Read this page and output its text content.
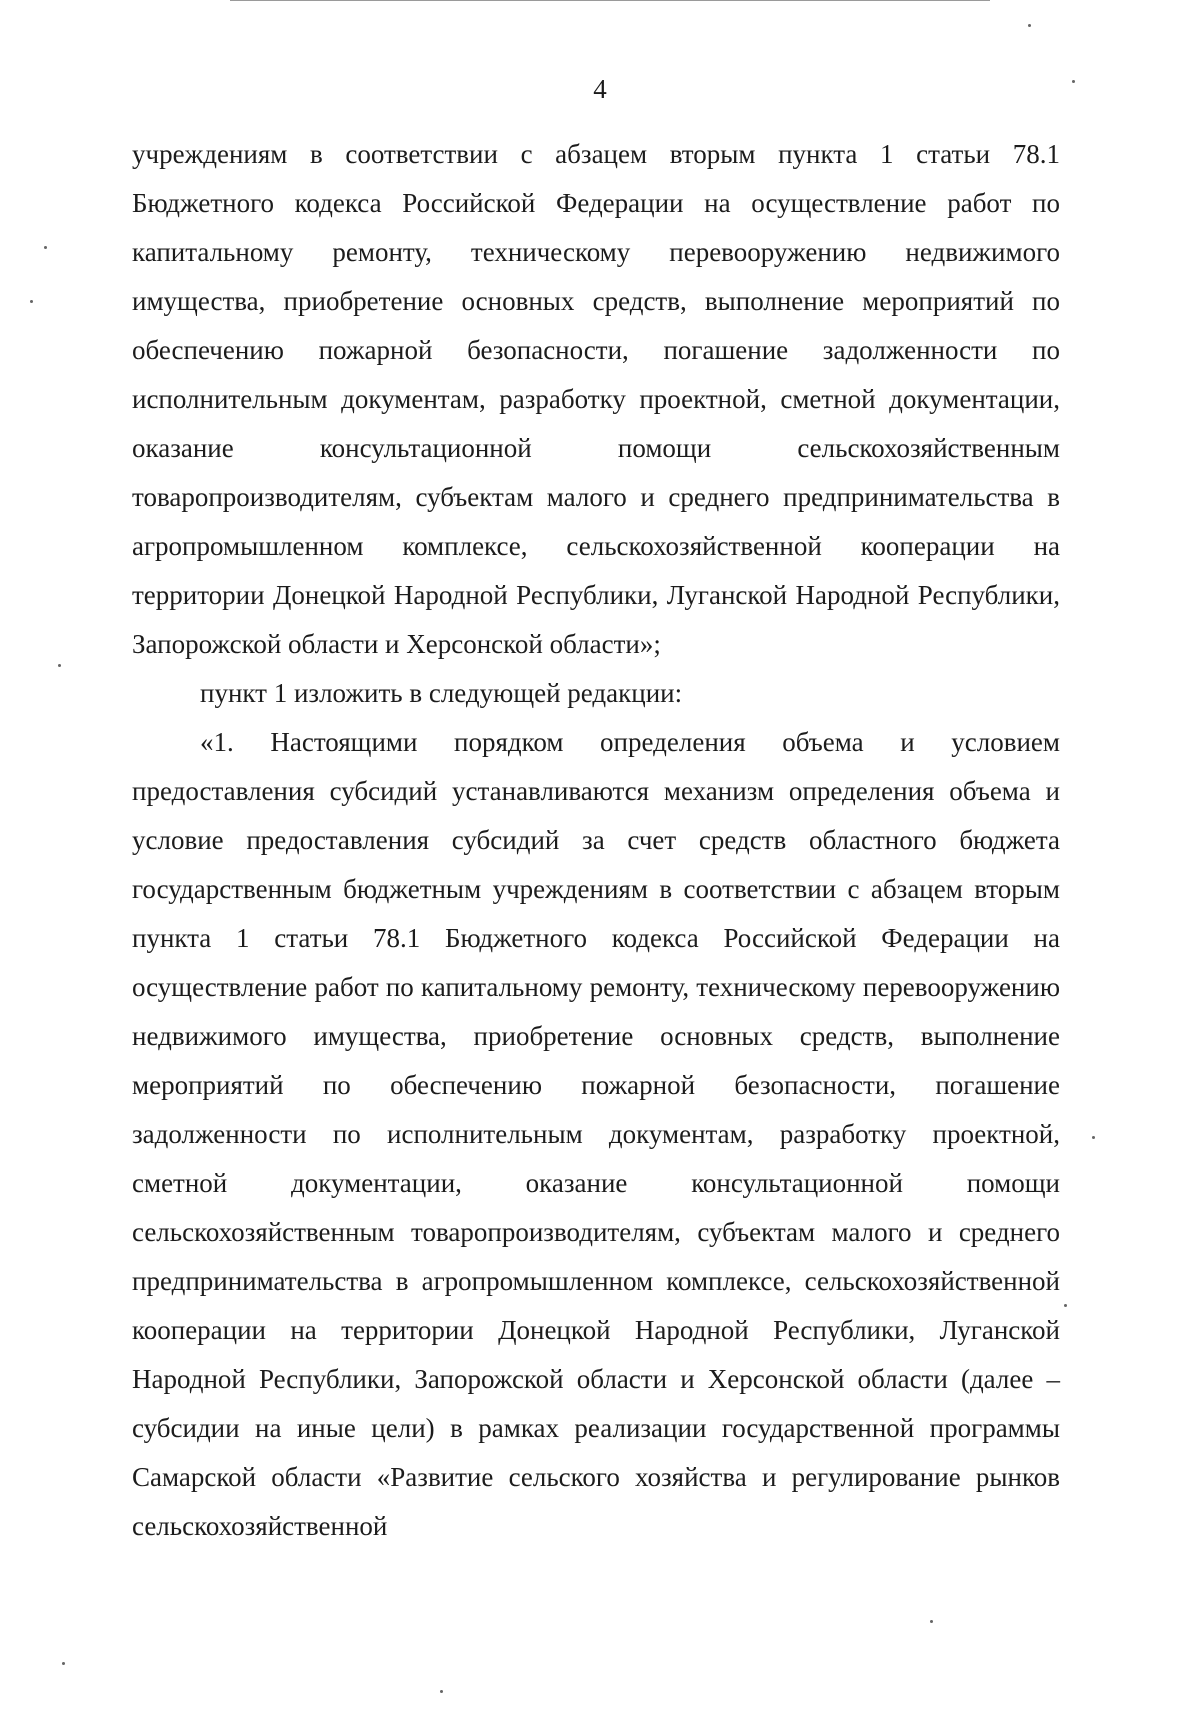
4

учреждениям в соответствии с абзацем вторым пункта 1 статьи 78.1 Бюджетного кодекса Российской Федерации на осуществление работ по капитальному ремонту, техническому перевооружению недвижимого имущества, приобретение основных средств, выполнение мероприятий по обеспечению пожарной безопасности, погашение задолженности по исполнительным документам, разработку проектной, сметной документации, оказание консультационной помощи сельскохозяйственным товаропроизводителям, субъектам малого и среднего предпринимательства в агропромышленном комплексе, сельскохозяйственной кооперации на территории Донецкой Народной Республики, Луганской Народной Республики, Запорожской области и Херсонской области»;

пункт 1 изложить в следующей редакции:

«1. Настоящими порядком определения объема и условием предоставления субсидий устанавливаются механизм определения объема и условие предоставления субсидий за счет средств областного бюджета государственным бюджетным учреждениям в соответствии с абзацем вторым пункта 1 статьи 78.1 Бюджетного кодекса Российской Федерации на осуществление работ по капитальному ремонту, техническому перевооружению недвижимого имущества, приобретение основных средств, выполнение мероприятий по обеспечению пожарной безопасности, погашение задолженности по исполнительным документам, разработку проектной, сметной документации, оказание консультационной помощи сельскохозяйственным товаропроизводителям, субъектам малого и среднего предпринимательства в агропромышленном комплексе, сельскохозяйственной кооперации на территории Донецкой Народной Республики, Луганской Народной Республики, Запорожской области и Херсонской области (далее – субсидии на иные цели) в рамках реализации государственной программы Самарской области «Развитие сельского хозяйства и регулирование рынков сельскохозяйственной
